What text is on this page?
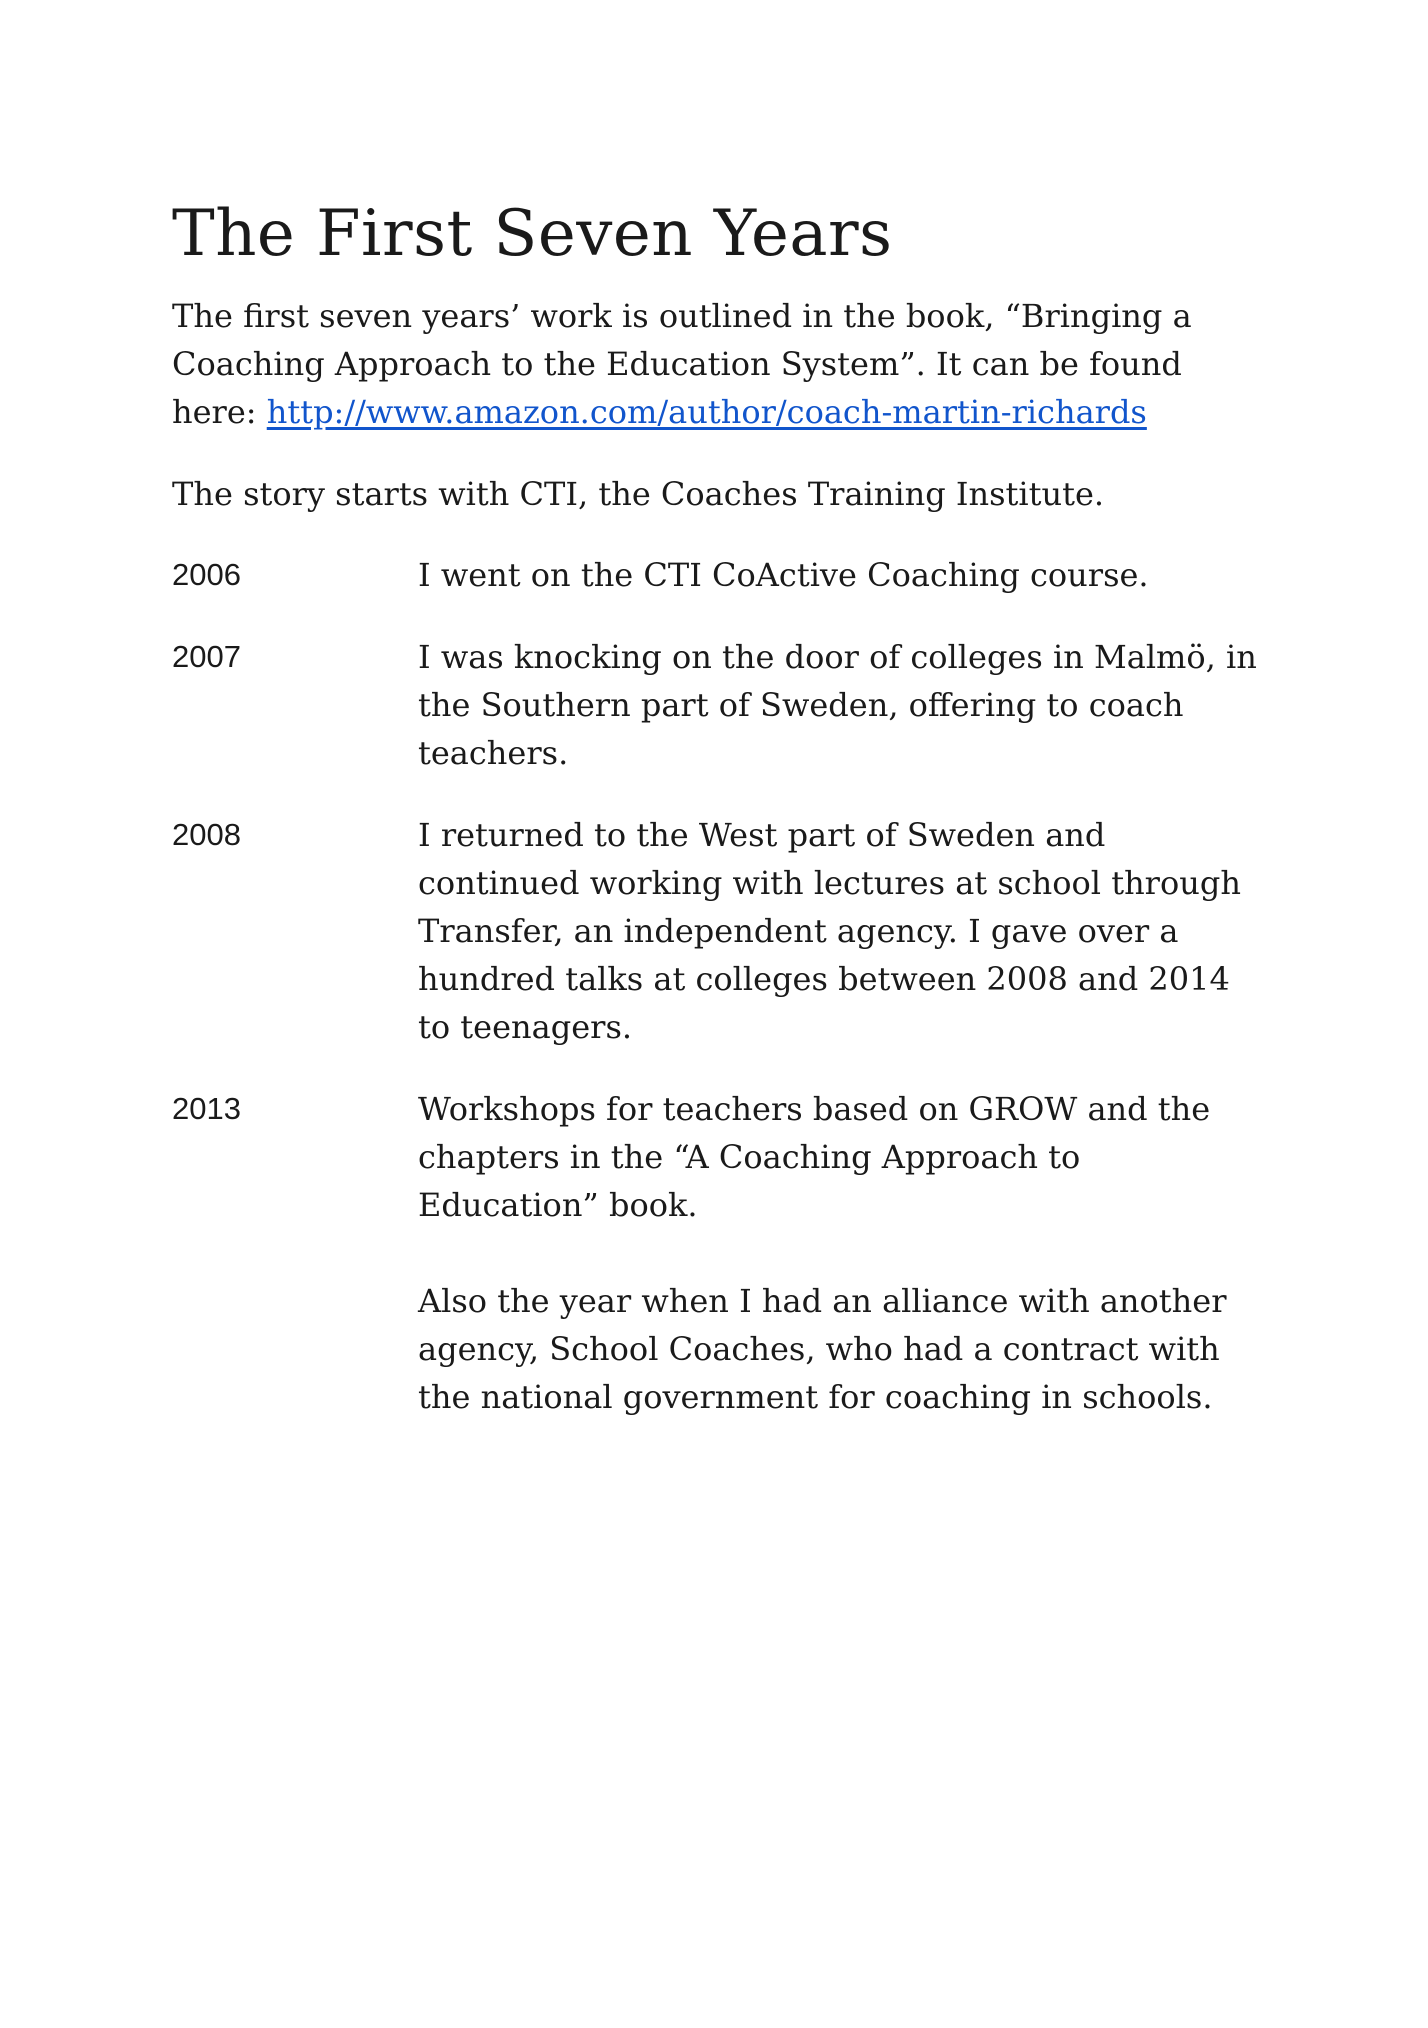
The First Seven Years

The first seven years’ work is outlined in the book, “Bringing a Coaching Approach to the Education System”. It can be found here: http://www.amazon.com/author/coach-martin-richards

The story starts with CTI, the Coaches Training Institute.

2006	I went on the CTI CoActive Coaching course.

2007	I was knocking on the door of colleges in Malmö, in the Southern part of Sweden, offering to coach teachers.

2008	I returned to the West part of Sweden and continued working with lectures at school through Transfer, an independent agency. I gave over a hundred talks at colleges between 2008 and 2014 to teenagers.

2013	Workshops for teachers based on GROW and the chapters in the “A Coaching Approach to Education” book.

Also the year when I had an alliance with another agency, School Coaches, who had a contract with the national government for coaching in schools.
